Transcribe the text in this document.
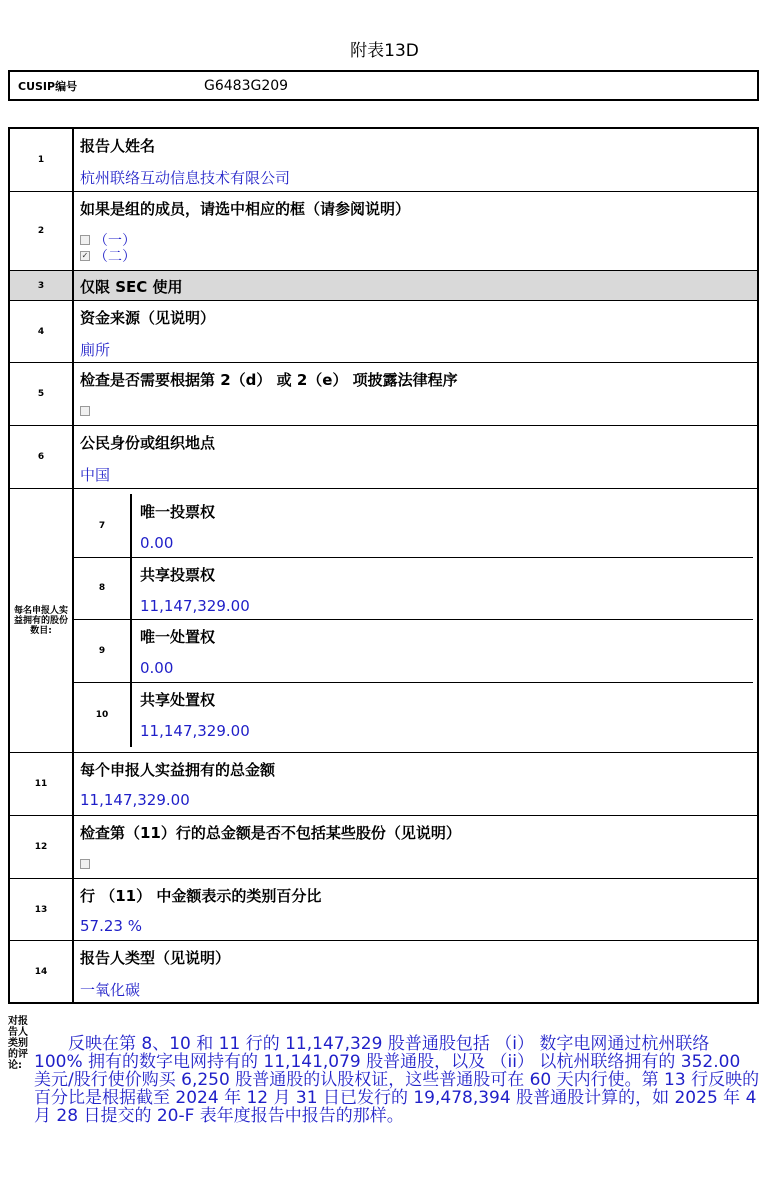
附表13D
CUSIP编号	G6483G209
1
报告人姓名
杭州联络互动信息技术有限公司
2
如果是组的成员，请选中相应的框（请参阅说明）
（一）
✓ （二）
3	仅限 SEC 使用
4
资金来源（见说明）
廁所
5
检查是否需要根据第 2（d） 或 2（e） 项披露法律程序
6
公民身份或组织地点
中国
每名申报人实益拥有的股份数目:
7
唯一投票权
0.00
8
共享投票权
11,147,329.00
9
唯一处置权
0.00
10
共享处置权
11,147,329.00
11
每个申报人实益拥有的总金额
11,147,329.00
12
检查第（11）行的总金额是否不包括某些股份（见说明）
13
行 （11） 中金额表示的类别百分比
57.23 %
14
报告人类型（见说明）
一氧化碳
对报告人类别的评论:
反映在第 8、10 和 11 行的 11,147,329 股普通股包括 （i） 数字电网通过杭州联络 100% 拥有的数字电网持有的 11,141,079 股普通股，以及 （ii） 以杭州联络拥有的 352.00 美元/股行使价购买 6,250 股普通股的认股权证，这些普通股可在 60 天内行使。第 13 行反映的百分比是根据截至 2024 年 12 月 31 日已发行的 19,478,394 股普通股计算的，如 2025 年 4 月 28 日提交的 20-F 表年度报告中报告的那样。
